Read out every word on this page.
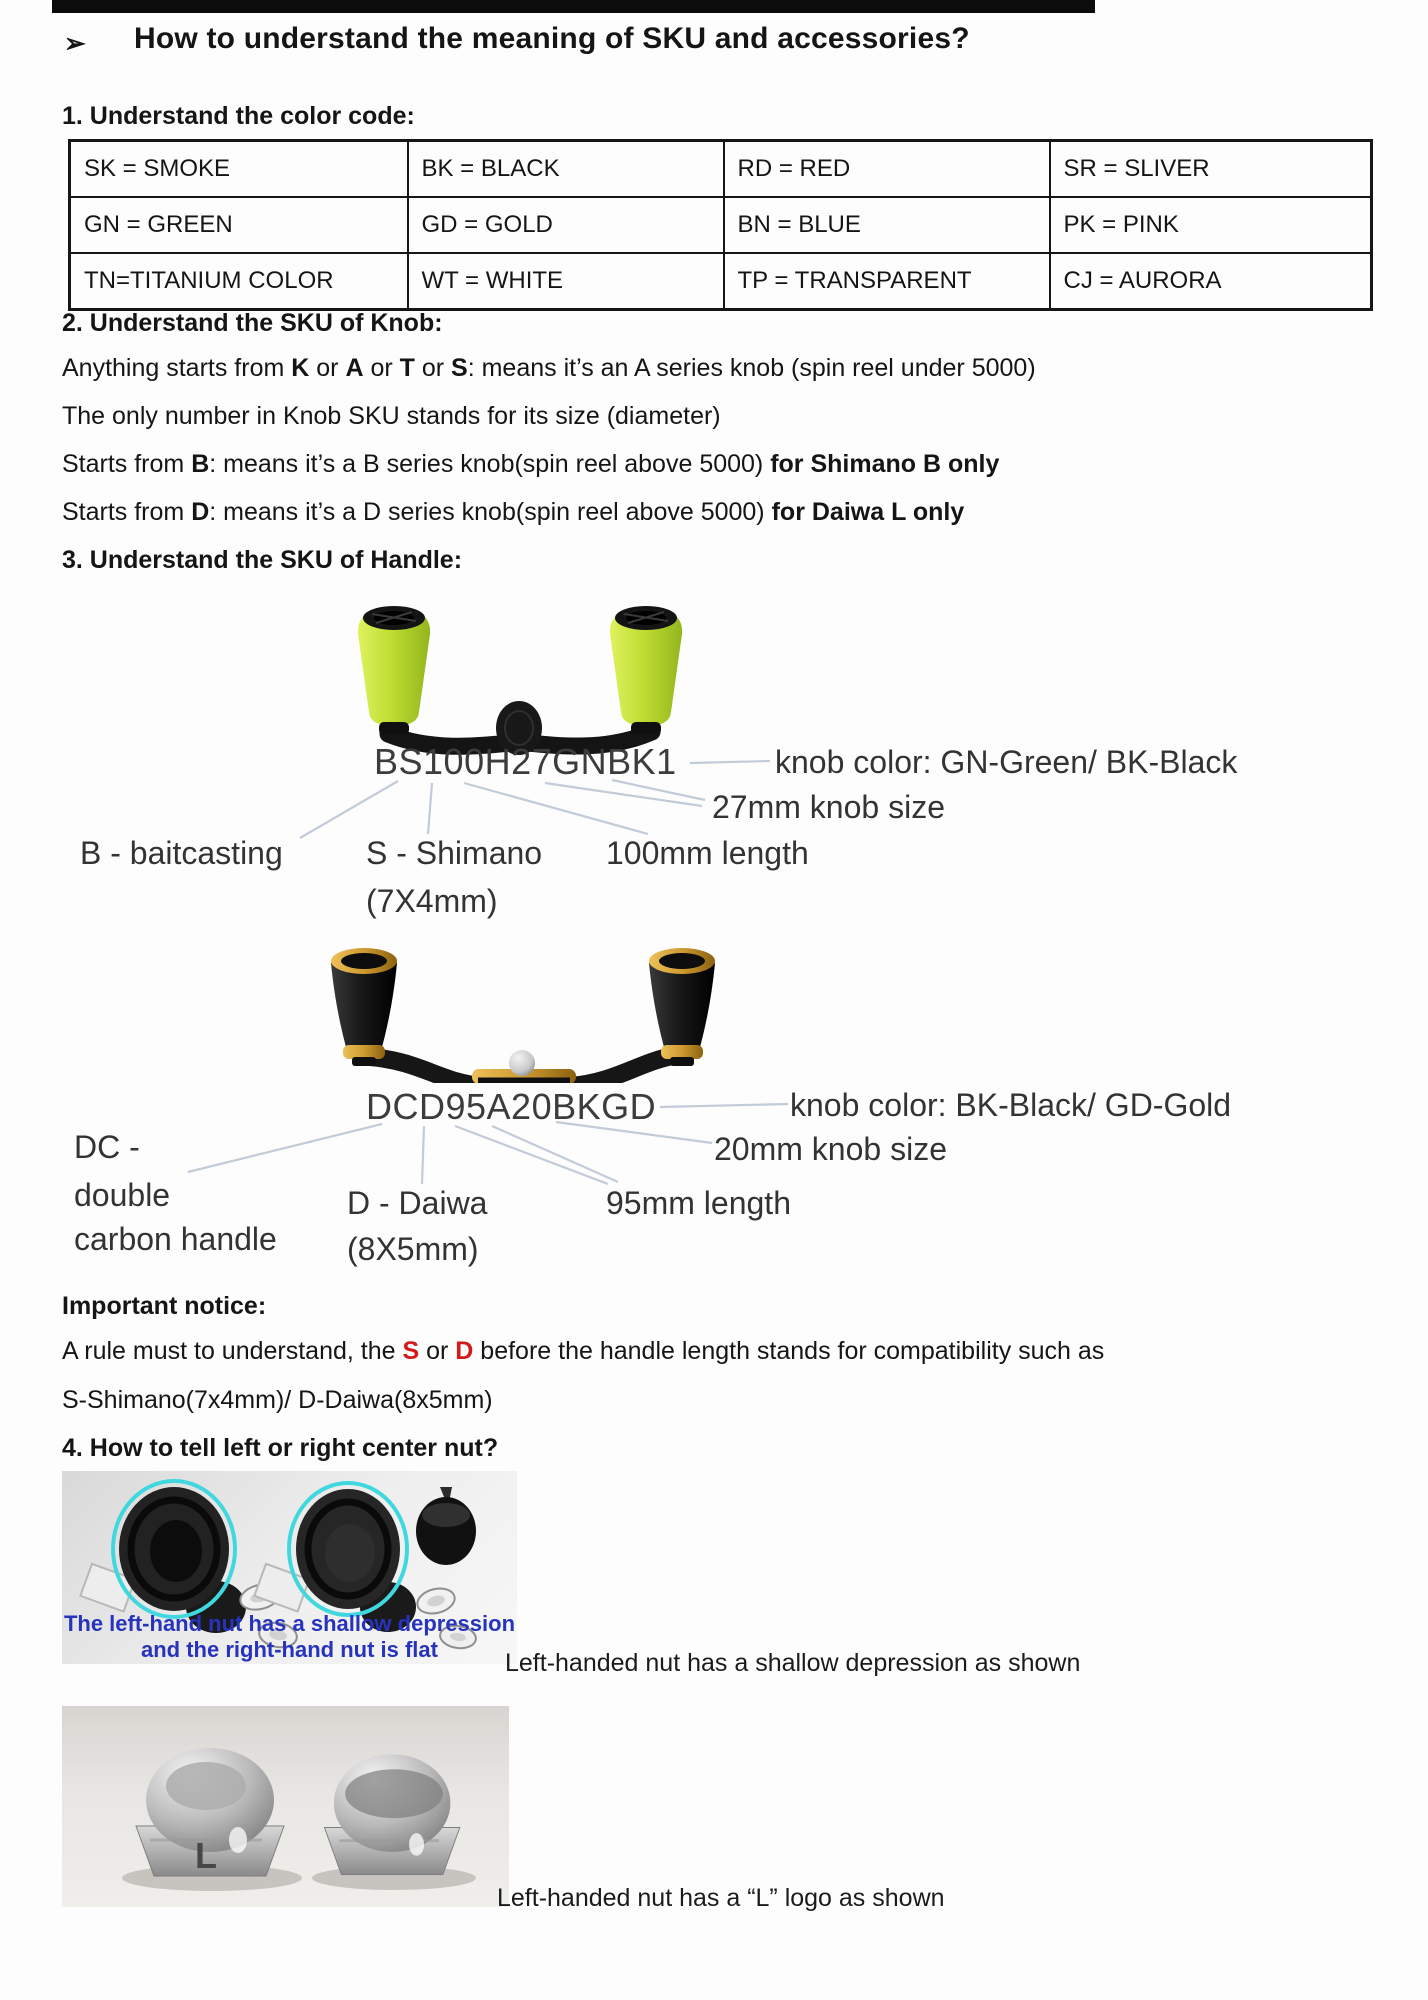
➢ How to understand the meaning of SKU and accessories?
1. Understand the color code:
SK = SMOKE	BK = BLACK	RD = RED	SR = SLIVER
GN = GREEN	GD = GOLD	BN = BLUE	PK = PINK
TN=TITANIUM COLOR	WT = WHITE	TP = TRANSPARENT	CJ = AURORA
2. Understand the SKU of Knob:
Anything starts from K or A or T or S: means it’s an A series knob (spin reel under 5000)
The only number in Knob SKU stands for its size (diameter)
Starts from B: means it’s a B series knob(spin reel above 5000) for Shimano B only
Starts from D: means it’s a D series knob(spin reel above 5000) for Daiwa L only
3. Understand the SKU of Handle:
BS100H27GNBK1	knob color: GN-Green/ BK-Black
27mm knob size
B - baitcasting	S - Shimano 100mm length
(7X4mm)
DCD95A20BKGD	knob color: BK-Black/ GD-Gold
20mm knob size
DC -
double
carbon handle
D - Daiwa	95mm length
(8X5mm)
Important notice:
A rule must to understand, the S or D before the handle length stands for compatibility such as
S-Shimano(7x4mm)/ D-Daiwa(8x5mm)
4. How to tell left or right center nut?
The left-hand nut has a shallow depression
and the right-hand nut is flat	Left-handed nut has a shallow depression as shown
L
Left-handed nut has a “L” logo as shown
